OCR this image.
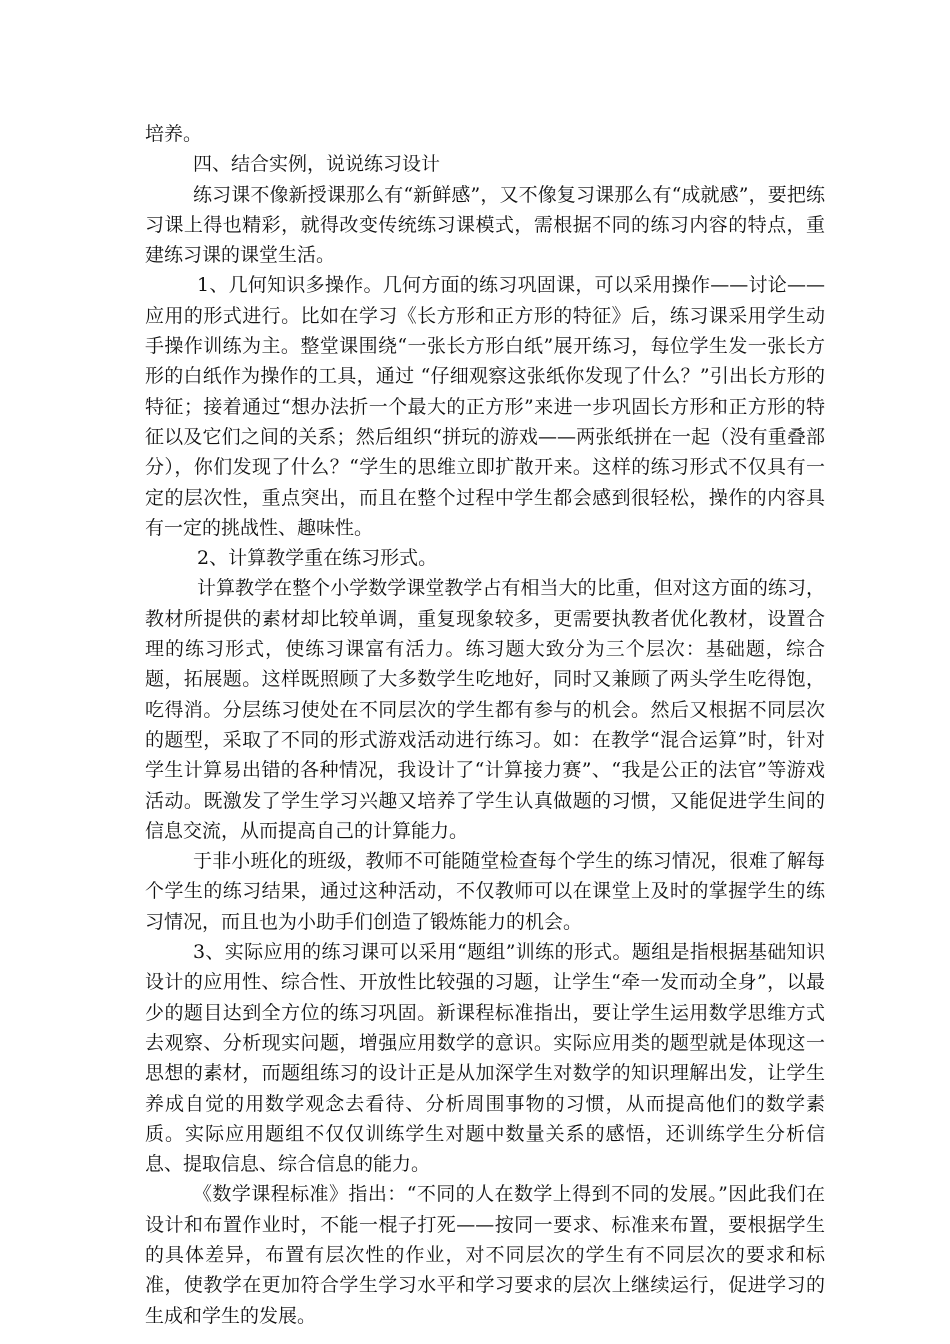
培养。

四、结合实例，说说练习设计

练习课不像新授课那么有“新鲜感”，又不像复习课那么有“成就感”，要把练习课上得也精彩，就得改变传统练习课模式，需根据不同的练习内容的特点，重建练习课的课堂生活。

1、几何知识多操作。几何方面的练习巩固课，可以采用操作——讨论——应用的形式进行。比如在学习《长方形和正方形的特征》后，练习课采用学生动手操作训练为主。整堂课围绕“一张长方形白纸”展开练习，每位学生发一张长方形的白纸作为操作的工具，通过 “仔细观察这张纸你发现了什么？”引出长方形的特征；接着通过“想办法折一个最大的正方形”来进一步巩固长方形和正方形的特征以及它们之间的关系；然后组织“拼玩的游戏——两张纸拼在一起（没有重叠部分），你们发现了什么？“学生的思维立即扩散开来。这样的练习形式不仅具有一定的层次性，重点突出，而且在整个过程中学生都会感到很轻松，操作的内容具有一定的挑战性、趣味性。

2、计算教学重在练习形式。

计算教学在整个小学数学课堂教学占有相当大的比重，但对这方面的练习，教材所提供的素材却比较单调，重复现象较多，更需要执教者优化教材，设置合理的练习形式，使练习课富有活力。练习题大致分为三个层次：基础题，综合题，拓展题。这样既照顾了大多数学生吃地好，同时又兼顾了两头学生吃得饱，吃得消。分层练习使处在不同层次的学生都有参与的机会。然后又根据不同层次的题型，采取了不同的形式游戏活动进行练习。如：在教学“混合运算”时，针对学生计算易出错的各种情况，我设计了“计算接力赛”、“我是公正的法官”等游戏活动。既激发了学生学习兴趣又培养了学生认真做题的习惯，又能促进学生间的信息交流，从而提高自己的计算能力。

于非小班化的班级，教师不可能随堂检查每个学生的练习情况，很难了解每个学生的练习结果，通过这种活动，不仅教师可以在课堂上及时的掌握学生的练习情况，而且也为小助手们创造了锻炼能力的机会。

3、实际应用的练习课可以采用“题组”训练的形式。题组是指根据基础知识设计的应用性、综合性、开放性比较强的习题，让学生“牵一发而动全身”，以最少的题目达到全方位的练习巩固。新课程标准指出，要让学生运用数学思维方式去观察、分析现实问题，增强应用数学的意识。实际应用类的题型就是体现这一思想的素材，而题组练习的设计正是从加深学生对数学的知识理解出发，让学生养成自觉的用数学观念去看待、分析周围事物的习惯，从而提高他们的数学素质。实际应用题组不仅仅训练学生对题中数量关系的感悟，还训练学生分析信息、提取信息、综合信息的能力。

《数学课程标准》指出：“不同的人在数学上得到不同的发展。”因此我们在设计和布置作业时，不能一棍子打死——按同一要求、标准来布置，要根据学生的具体差异，布置有层次性的作业，对不同层次的学生有不同层次的要求和标准，使教学在更加符合学生学习水平和学习要求的层次上继续运行，促进学习的生成和学生的发展。
